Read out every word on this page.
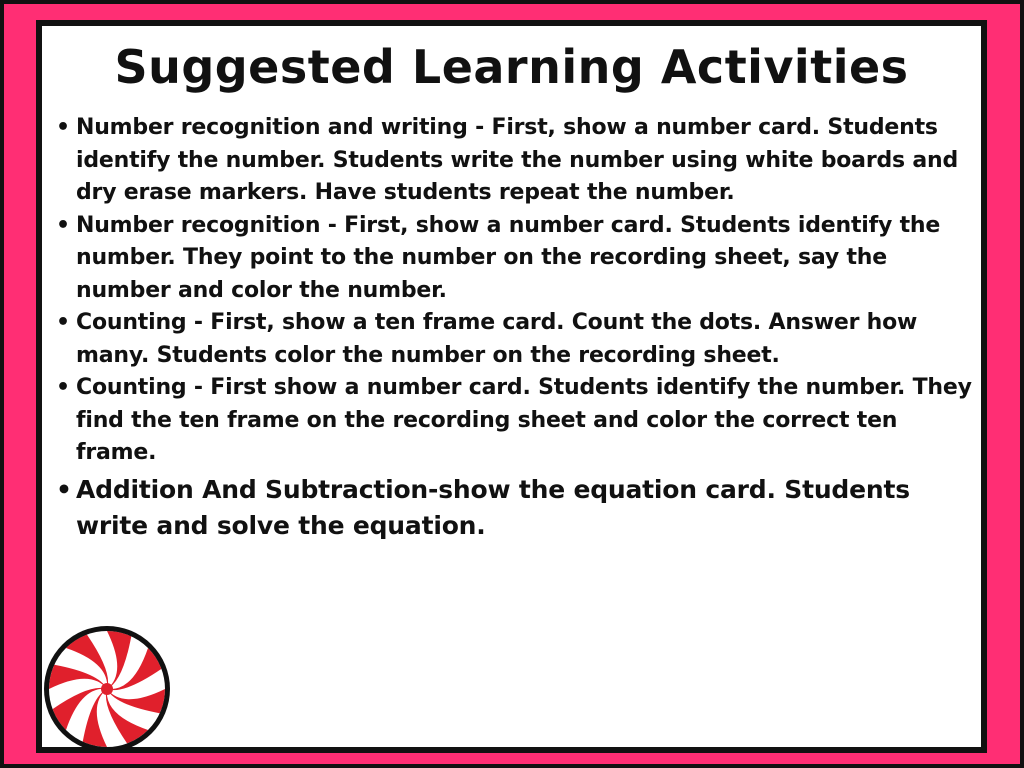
Suggested Learning Activities
• Number recognition and writing - First, show a number card. Students identify the number. Students write the number using white boards and dry erase markers. Have students repeat the number.
• Number recognition - First, show a number card. Students identify the number. They point to the number on the recording sheet, say the number and color the number.
• Counting - First, show a ten frame card. Count the dots. Answer how many. Students color the number on the recording sheet.
• Counting - First show a number card. Students identify the number. They find the ten frame on the recording sheet and color the correct ten frame.
• Addition And Subtraction-show the equation card. Students write and solve the equation.
